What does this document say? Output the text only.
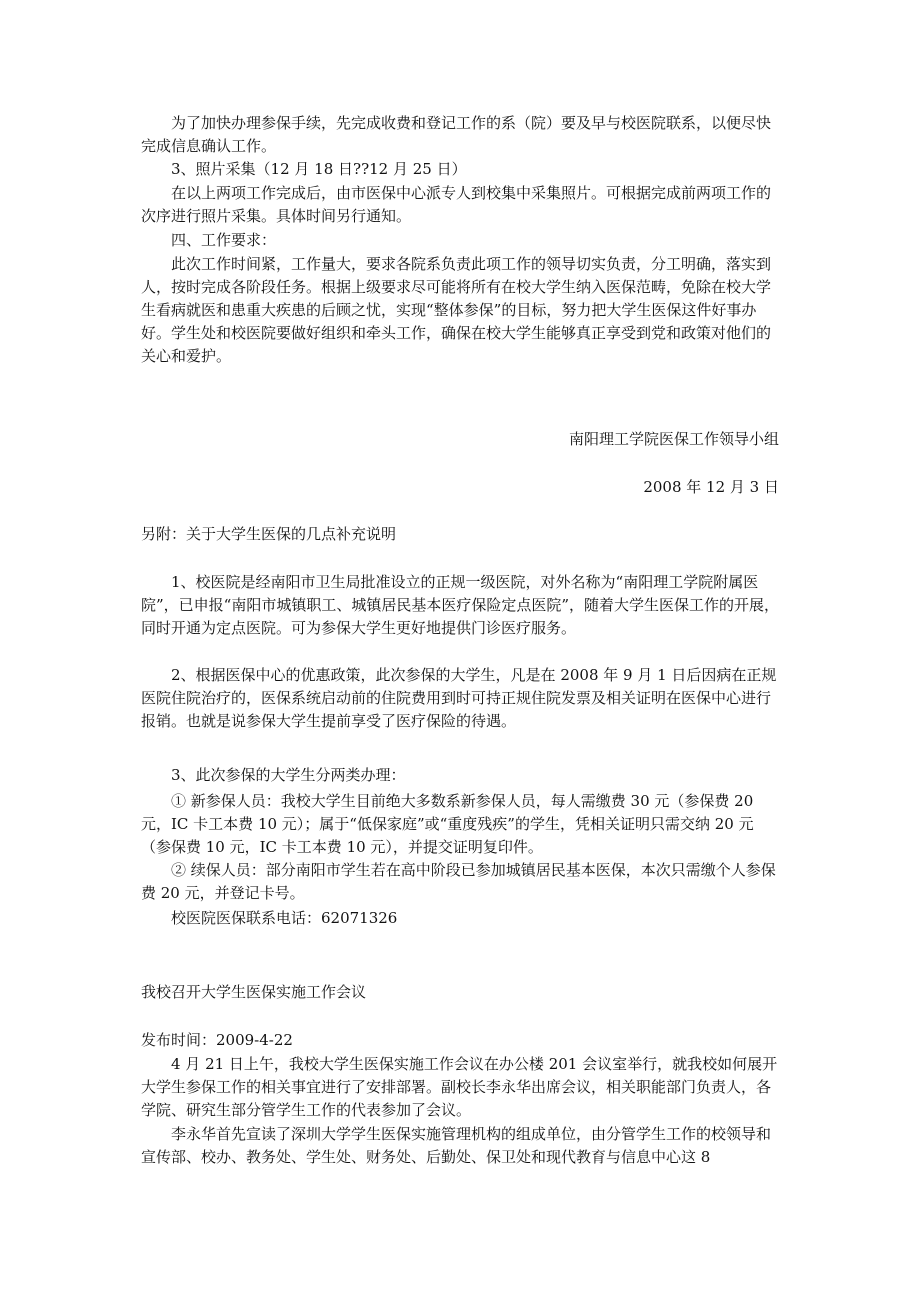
为了加快办理参保手续，先完成收费和登记工作的系（院）要及早与校医院联系，以便尽快完成信息确认工作。

3、照片采集（12 月 18 日??12 月 25 日）

在以上两项工作完成后，由市医保中心派专人到校集中采集照片。可根据完成前两项工作的次序进行照片采集。具体时间另行通知。

四、工作要求：

此次工作时间紧，工作量大，要求各院系负责此项工作的领导切实负责，分工明确，落实到人，按时完成各阶段任务。根据上级要求尽可能将所有在校大学生纳入医保范畴，免除在校大学生看病就医和患重大疾患的后顾之忧，实现“整体参保”的目标，努力把大学生医保这件好事办好。学生处和校医院要做好组织和牵头工作，确保在校大学生能够真正享受到党和政策对他们的关心和爱护。

南阳理工学院医保工作领导小组
2008 年 12 月 3 日

另附：关于大学生医保的几点补充说明

1、校医院是经南阳市卫生局批准设立的正规一级医院，对外名称为“南阳理工学院附属医院”，已申报“南阳市城镇职工、城镇居民基本医疗保险定点医院”，随着大学生医保工作的开展，同时开通为定点医院。可为参保大学生更好地提供门诊医疗服务。

2、根据医保中心的优惠政策，此次参保的大学生，凡是在 2008 年 9 月 1 日后因病在正规医院住院治疗的，医保系统启动前的住院费用到时可持正规住院发票及相关证明在医保中心进行报销。也就是说参保大学生提前享受了医疗保险的待遇。

3、此次参保的大学生分两类办理：

① 新参保人员：我校大学生目前绝大多数系新参保人员，每人需缴费 30 元（参保费 20 元，IC 卡工本费 10 元）；属于“低保家庭”或“重度残疾”的学生，凭相关证明只需交纳 20 元（参保费 10 元，IC 卡工本费 10 元），并提交证明复印件。

② 续保人员：部分南阳市学生若在高中阶段已参加城镇居民基本医保，本次只需缴个人参保费 20 元，并登记卡号。

校医院医保联系电话：62071326

我校召开大学生医保实施工作会议

发布时间：2009-4-22

4 月 21 日上午，我校大学生医保实施工作会议在办公楼 201 会议室举行，就我校如何展开大学生参保工作的相关事宜进行了安排部署。副校长李永华出席会议，相关职能部门负责人，各学院、研究生部分管学生工作的代表参加了会议。

李永华首先宣读了深圳大学学生医保实施管理机构的组成单位，由分管学生工作的校领导和宣传部、校办、教务处、学生处、财务处、后勤处、保卫处和现代教育与信息中心这 8
